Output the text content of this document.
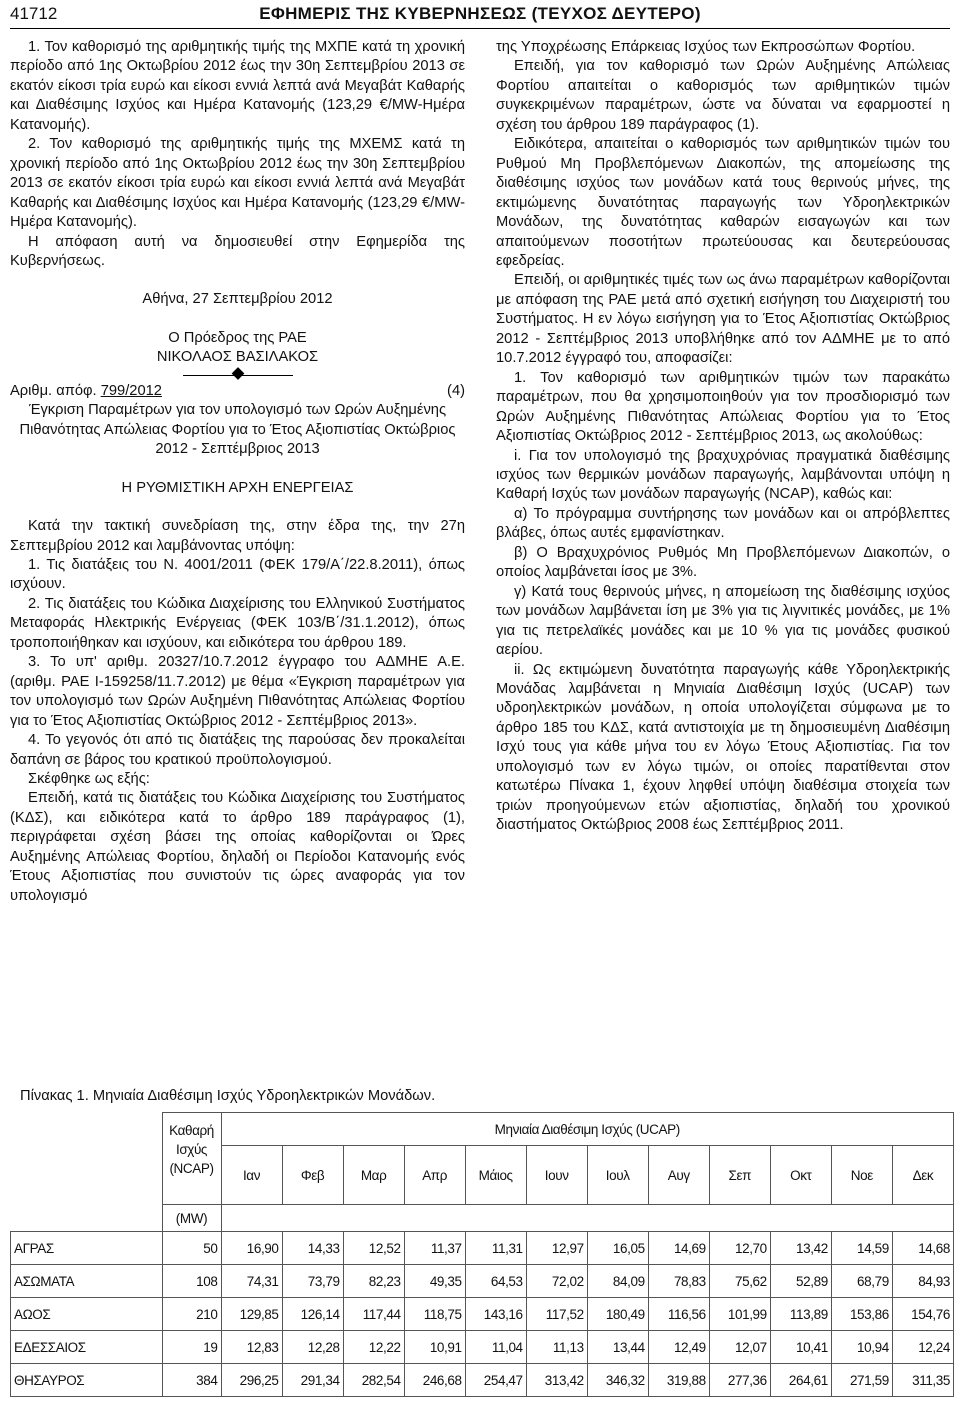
41712	ΕΦΗΜΕΡΙΣ ΤΗΣ ΚΥΒΕΡΝΗΣΕΩΣ (ΤΕΥΧΟΣ ΔΕΥΤΕΡΟ)

1. Τον καθορισμό της αριθμητικής τιμής της ΜΧΠΕ κατά τη χρονική περίοδο από 1ης Οκτωβρίου 2012 έως την 30η Σεπτεμβρίου 2013 σε εκατόν είκοσι τρία ευρώ και είκοσι εννιά λεπτά ανά Μεγαβάτ Καθαρής και Διαθέσιμης Ισχύος και Ημέρα Κατανομής (123,29 €/MW-Ημέρα Κατανομής).

2. Τον καθορισμό της αριθμητικής τιμής της ΜΧΕΜΣ κατά τη χρονική περίοδο από 1ης Οκτωβρίου 2012 έως την 30η Σεπτεμβρίου 2013 σε εκατόν είκοσι τρία ευρώ και είκοσι εννιά λεπτά ανά Μεγαβάτ Καθαρής και Διαθέσιμης Ισχύος και Ημέρα Κατανομής (123,29 €/MW-Ημέρα Κατανομής).

Η απόφαση αυτή να δημοσιευθεί στην Εφημερίδα της Κυβερνήσεως.

Αθήνα, 27 Σεπτεμβρίου 2012

Ο Πρόεδρος της ΡΑΕ

ΝΙΚΟΛΑΟΣ ΒΑΣΙΛΑΚΟΣ

Αριθμ. απόφ. 799/2012	(4)

Έγκριση Παραμέτρων για τον υπολογισμό των Ωρών Αυξημένης Πιθανότητας Απώλειας Φορτίου για το Έτος Αξιοπιστίας Οκτώβριος 2012 - Σεπτέμβριος 2013

Η ΡΥΘΜΙΣΤΙΚΗ ΑΡΧΗ ΕΝΕΡΓΕΙΑΣ

Κατά την τακτική συνεδρίαση της, στην έδρα της, την 27η Σεπτεμβρίου 2012 και λαμβάνοντας υπόψη:

1. Τις διατάξεις του Ν. 4001/2011 (ΦΕΚ 179/Α΄/22.8.2011), όπως ισχύουν.

2. Τις διατάξεις του Κώδικα Διαχείρισης του Ελληνικού Συστήματος Μεταφοράς Ηλεκτρικής Ενέργειας (ΦΕΚ 103/Β΄/31.1.2012), όπως τροποποιήθηκαν και ισχύουν, και ειδικότερα του άρθρου 189.

3. Το υπ' αριθμ. 20327/10.7.2012 έγγραφο του ΑΔΜΗΕ Α.Ε. (αριθμ. ΡΑΕ Ι-159258/11.7.2012) με θέμα «Έγκριση παραμέτρων για τον υπολογισμό των Ωρών Αυξημένη Πιθανότητας Απώλειας Φορτίου για το Έτος Αξιοπιστίας Οκτώβριος 2012 - Σεπτέμβριος 2013».

4. Το γεγονός ότι από τις διατάξεις της παρούσας δεν προκαλείται δαπάνη σε βάρος του κρατικού προϋπολογισμού.

Σκέφθηκε ως εξής:

Επειδή, κατά τις διατάξεις του Κώδικα Διαχείρισης του Συστήματος (ΚΔΣ), και ειδικότερα κατά το άρθρο 189 παράγραφος (1), περιγράφεται σχέση βάσει της οποίας καθορίζονται οι Ώρες Αυξημένης Απώλειας Φορτίου, δηλαδή οι Περίοδοι Κατανομής ενός Έτους Αξιοπιστίας που συνιστούν τις ώρες αναφοράς για τον υπολογισμό

της Υποχρέωσης Επάρκειας Ισχύος των Εκπροσώπων Φορτίου.

Επειδή, για τον καθορισμό των Ωρών Αυξημένης Απώλειας Φορτίου απαιτείται ο καθορισμός των αριθμητικών τιμών συγκεκριμένων παραμέτρων, ώστε να δύναται να εφαρμοστεί η σχέση του άρθρου 189 παράγραφος (1).

Ειδικότερα, απαιτείται ο καθορισμός των αριθμητικών τιμών του Ρυθμού Μη Προβλεπόμενων Διακοπών, της απομείωσης της διαθέσιμης ισχύος των μονάδων κατά τους θερινούς μήνες, της εκτιμώμενης δυνατότητας παραγωγής των Υδροηλεκτρικών Μονάδων, της δυνατότητας καθαρών εισαγωγών και των απαιτούμενων ποσοτήτων πρωτεύουσας και δευτερεύουσας εφεδρείας.

Επειδή, οι αριθμητικές τιμές των ως άνω παραμέτρων καθορίζονται με απόφαση της ΡΑΕ μετά από σχετική εισήγηση του Διαχειριστή του Συστήματος. Η εν λόγω εισήγηση για το Έτος Αξιοπιστίας Οκτώβριος 2012 - Σεπτέμβριος 2013 υποβλήθηκε από τον ΑΔΜΗΕ με το από 10.7.2012 έγγραφό του, αποφασίζει:

1. Τον καθορισμό των αριθμητικών τιμών των παρακάτω παραμέτρων, που θα χρησιμοποιηθούν για τον προσδιορισμό των Ωρών Αυξημένης Πιθανότητας Απώλειας Φορτίου για το Έτος Αξιοπιστίας Οκτώβριος 2012 - Σεπτέμβριος 2013, ως ακολούθως:

i. Για τον υπολογισμό της βραχυχρόνιας πραγματικά διαθέσιμης ισχύος των θερμικών μονάδων παραγωγής, λαμβάνονται υπόψη η Καθαρή Ισχύς των μονάδων παραγωγής (NCAP), καθώς και:

α) Το πρόγραμμα συντήρησης των μονάδων και οι απρόβλεπτες βλάβες, όπως αυτές εμφανίστηκαν.

β) Ο Βραχυχρόνιος Ρυθμός Μη Προβλεπόμενων Διακοπών, ο οποίος λαμβάνεται ίσος με 3%.

γ) Κατά τους θερινούς μήνες, η απομείωση της διαθέσιμης ισχύος των μονάδων λαμβάνεται ίση με 3% για τις λιγνιτικές μονάδες, με 1% για τις πετρελαϊκές μονάδες και με 10 % για τις μονάδες φυσικού αερίου.

ii. Ως εκτιμώμενη δυνατότητα παραγωγής κάθε Υδροηλεκτρικής Μονάδας λαμβάνεται η Μηνιαία Διαθέσιμη Ισχύς (UCAP) των υδροηλεκτρικών μονάδων, η οποία υπολογίζεται σύμφωνα με το άρθρο 185 του ΚΔΣ, κατά αντιστοιχία με τη δημοσιευμένη Διαθέσιμη Ισχύ τους για κάθε μήνα του εν λόγω Έτους Αξιοπιστίας. Για τον υπολογισμό των εν λόγω τιμών, οι οποίες παρατίθενται στον κατωτέρω Πίνακα 1, έχουν ληφθεί υπόψη διαθέσιμα στοιχεία των τριών προηγούμενων ετών αξιοπιστίας, δηλαδή του χρονικού διαστήματος Οκτώβριος 2008 έως Σεπτέμβριος 2011.

Πίνακας 1. Μηνιαία Διαθέσιμη Ισχύς Υδροηλεκτρικών Μονάδων.
	Καθαρή Ισχύς (NCAP)	Μηνιαία Διαθέσιμη Ισχύς (UCAP)											
		Ιαν	Φεβ	Μαρ	Απρ	Μάιος	Ιουν	Ιουλ	Αυγ	Σεπ	Οκτ	Νοε	Δεκ
	(MW)												
ΑΓΡΑΣ	50	16,90	14,33	12,52	11,37	11,31	12,97	16,05	14,69	12,70	13,42	14,59	14,68
ΑΣΩΜΑΤΑ	108	74,31	73,79	82,23	49,35	64,53	72,02	84,09	78,83	75,62	52,89	68,79	84,93
ΑΩΟΣ	210	129,85	126,14	117,44	118,75	143,16	117,52	180,49	116,56	101,99	113,89	153,86	154,76
ΕΔΕΣΣΑΙΟΣ	19	12,83	12,28	12,22	10,91	11,04	11,13	13,44	12,49	12,07	10,41	10,94	12,24
ΘΗΣΑΥΡΟΣ	384	296,25	291,34	282,54	246,68	254,47	313,42	346,32	319,88	277,36	264,61	271,59	311,35
